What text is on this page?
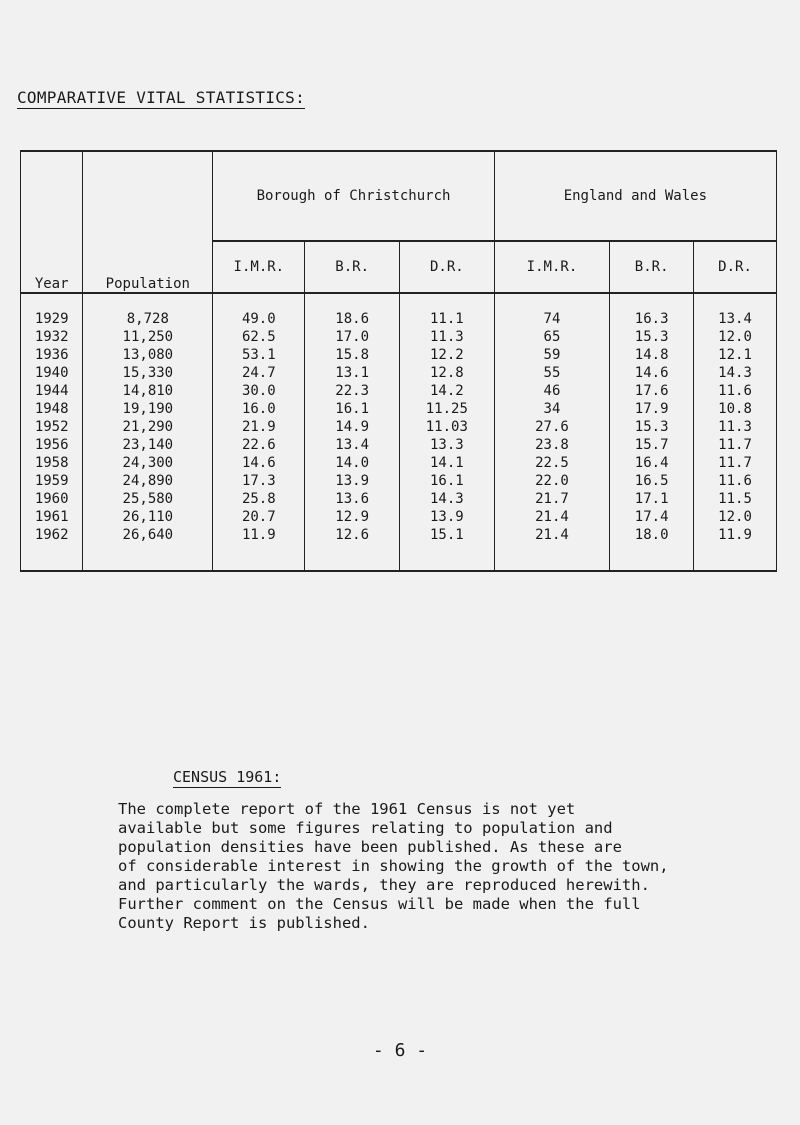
COMPARATIVE VITAL STATISTICS:
Year	Population	Borough of Christchurch			England and Wales		
		I.M.R.	B.R.	D.R.	I.M.R.	B.R.	D.R.
1929	8,728	49.0	18.6	11.1	74	16.3	13.4
1932	11,250	62.5	17.0	11.3	65	15.3	12.0
1936	13,080	53.1	15.8	12.2	59	14.8	12.1
1940	15,330	24.7	13.1	12.8	55	14.6	14.3
1944	14,810	30.0	22.3	14.2	46	17.6	11.6
1948	19,190	16.0	16.1	11.25	34	17.9	10.8
1952	21,290	21.9	14.9	11.03	27.6	15.3	11.3
1956	23,140	22.6	13.4	13.3	23.8	15.7	11.7
1958	24,300	14.6	14.0	14.1	22.5	16.4	11.7
1959	24,890	17.3	13.9	16.1	22.0	16.5	11.6
1960	25,580	25.8	13.6	14.3	21.7	17.1	11.5
1961	26,110	20.7	12.9	13.9	21.4	17.4	12.0
1962	26,640	11.9	12.6	15.1	21.4	18.0	11.9
CENSUS 1961:
The complete report of the 1961 Census is not yet
available but some figures relating to population and
population densities have been published. As these are
of considerable interest in showing the growth of the town,
and particularly the wards, they are reproduced herewith.
Further comment on the Census will be made when the full
County Report is published.
- 6 -
